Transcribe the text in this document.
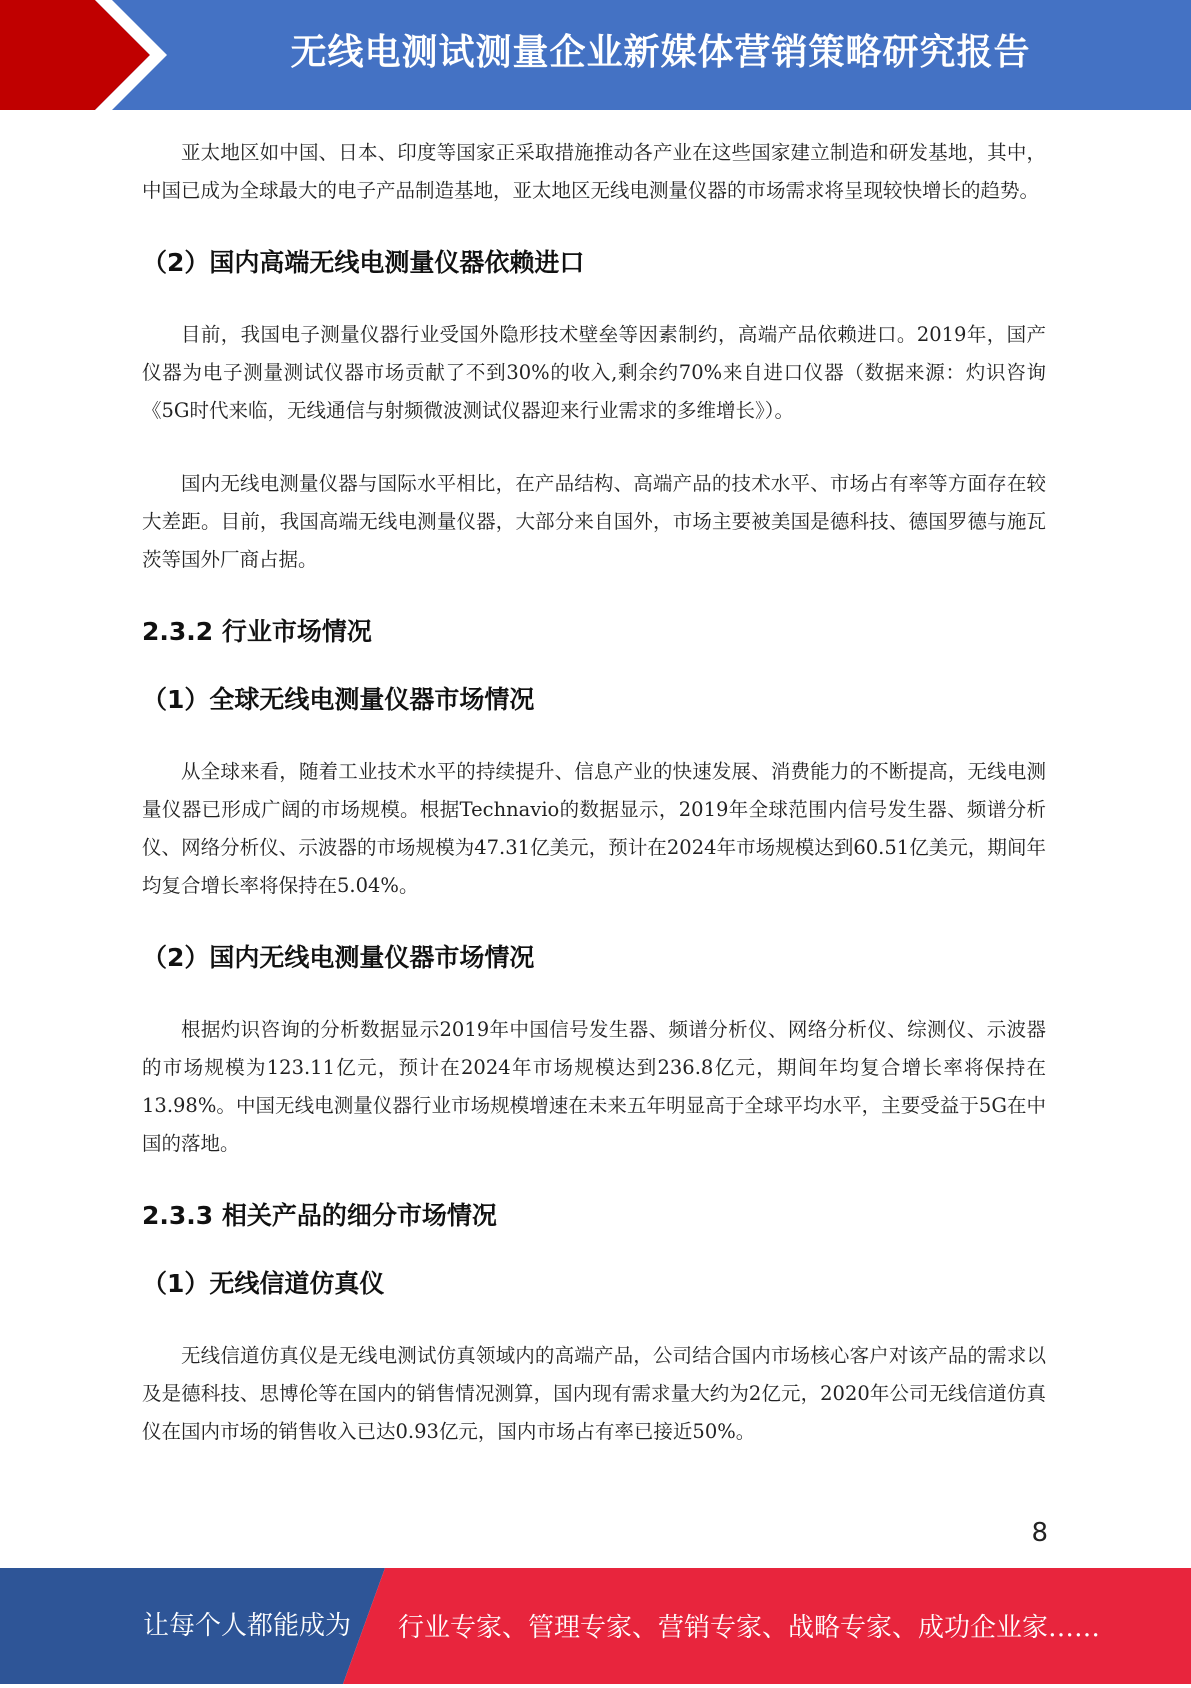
无线电测试测量企业新媒体营销策略研究报告

亚太地区如中国、日本、印度等国家正采取措施推动各产业在这些国家建立制造和研发基地，其中，中国已成为全球最大的电子产品制造基地，亚太地区无线电测量仪器的市场需求将呈现较快增长的趋势。

（2）国内高端无线电测量仪器依赖进口

目前，我国电子测量仪器行业受国外隐形技术壁垒等因素制约，高端产品依赖进口。2019年，国产仪器为电子测量测试仪器市场贡献了不到30%的收入,剩余约70%来自进口仪器（数据来源：灼识咨询《5G时代来临，无线通信与射频微波测试仪器迎来行业需求的多维增长》）。

国内无线电测量仪器与国际水平相比，在产品结构、高端产品的技术水平、市场占有率等方面存在较大差距。目前，我国高端无线电测量仪器，大部分来自国外，市场主要被美国是德科技、德国罗德与施瓦茨等国外厂商占据。

2.3.2 行业市场情况
（1）全球无线电测量仪器市场情况

从全球来看，随着工业技术水平的持续提升、信息产业的快速发展、消费能力的不断提高，无线电测量仪器已形成广阔的市场规模。根据Technavio的数据显示，2019年全球范围内信号发生器、频谱分析仪、网络分析仪、示波器的市场规模为47.31亿美元，预计在2024年市场规模达到60.51亿美元，期间年均复合增长率将保持在5.04%。

（2）国内无线电测量仪器市场情况

根据灼识咨询的分析数据显示2019年中国信号发生器、频谱分析仪、网络分析仪、综测仪、示波器的市场规模为123.11亿元，预计在2024年市场规模达到236.8亿元，期间年均复合增长率将保持在13.98%。中国无线电测量仪器行业市场规模增速在未来五年明显高于全球平均水平，主要受益于5G在中国的落地。

2.3.3 相关产品的细分市场情况
（1）无线信道仿真仪

无线信道仿真仪是无线电测试仿真领域内的高端产品，公司结合国内市场核心客户对该产品的需求以及是德科技、思博伦等在国内的销售情况测算，国内现有需求量大约为2亿元，2020年公司无线信道仿真仪在国内市场的销售收入已达0.93亿元，国内市场占有率已接近50%。

8
让每个人都能成为 行业专家、管理专家、营销专家、战略专家、成功企业家……
